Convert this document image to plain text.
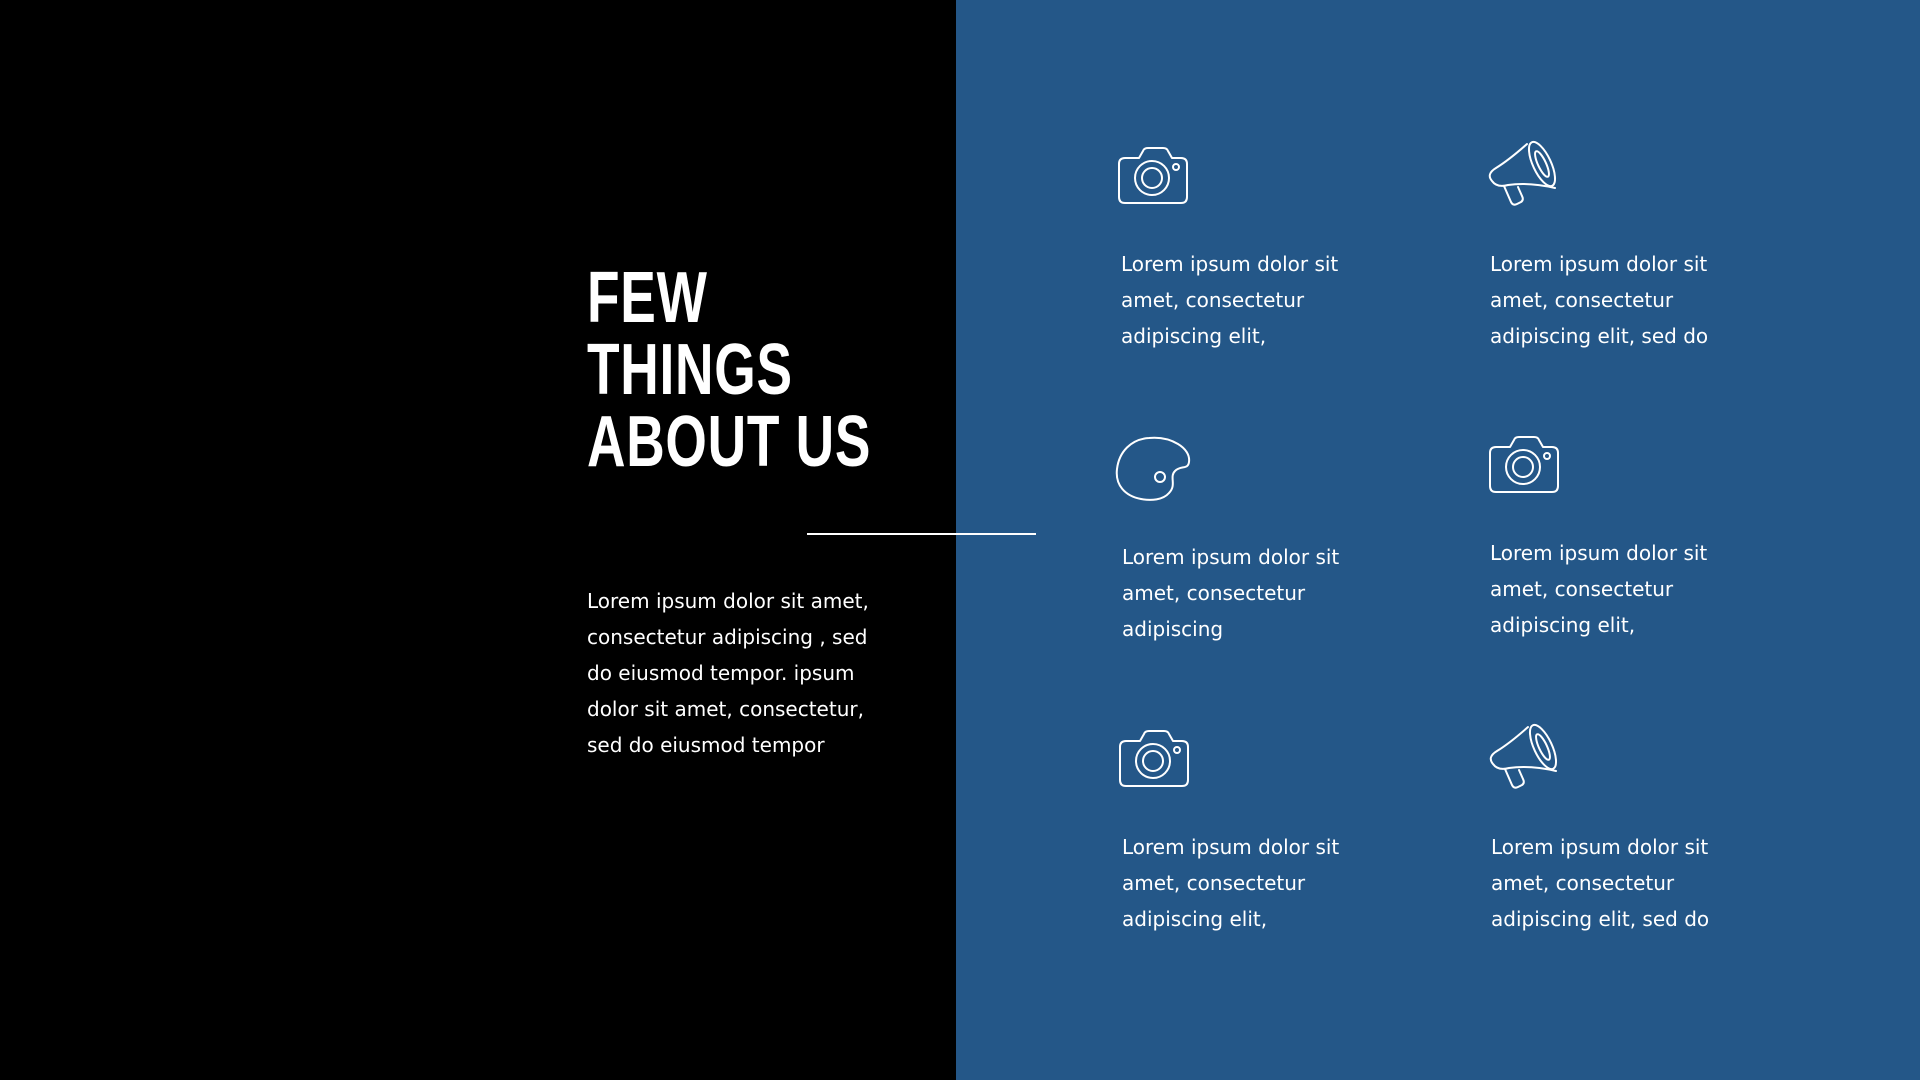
FEW
THINGS
ABOUT US

Lorem ipsum dolor sit amet, consectetur adipiscing , sed do eiusmod tempor. ipsum dolor sit amet, consectetur, sed do eiusmod tempor

Lorem ipsum dolor sit amet, consectetur adipiscing elit,

Lorem ipsum dolor sit amet, consectetur adipiscing elit, sed do

Lorem ipsum dolor sit amet, consectetur adipiscing

Lorem ipsum dolor sit amet, consectetur adipiscing elit,

Lorem ipsum dolor sit amet, consectetur adipiscing elit,

Lorem ipsum dolor sit amet, consectetur adipiscing elit, sed do
